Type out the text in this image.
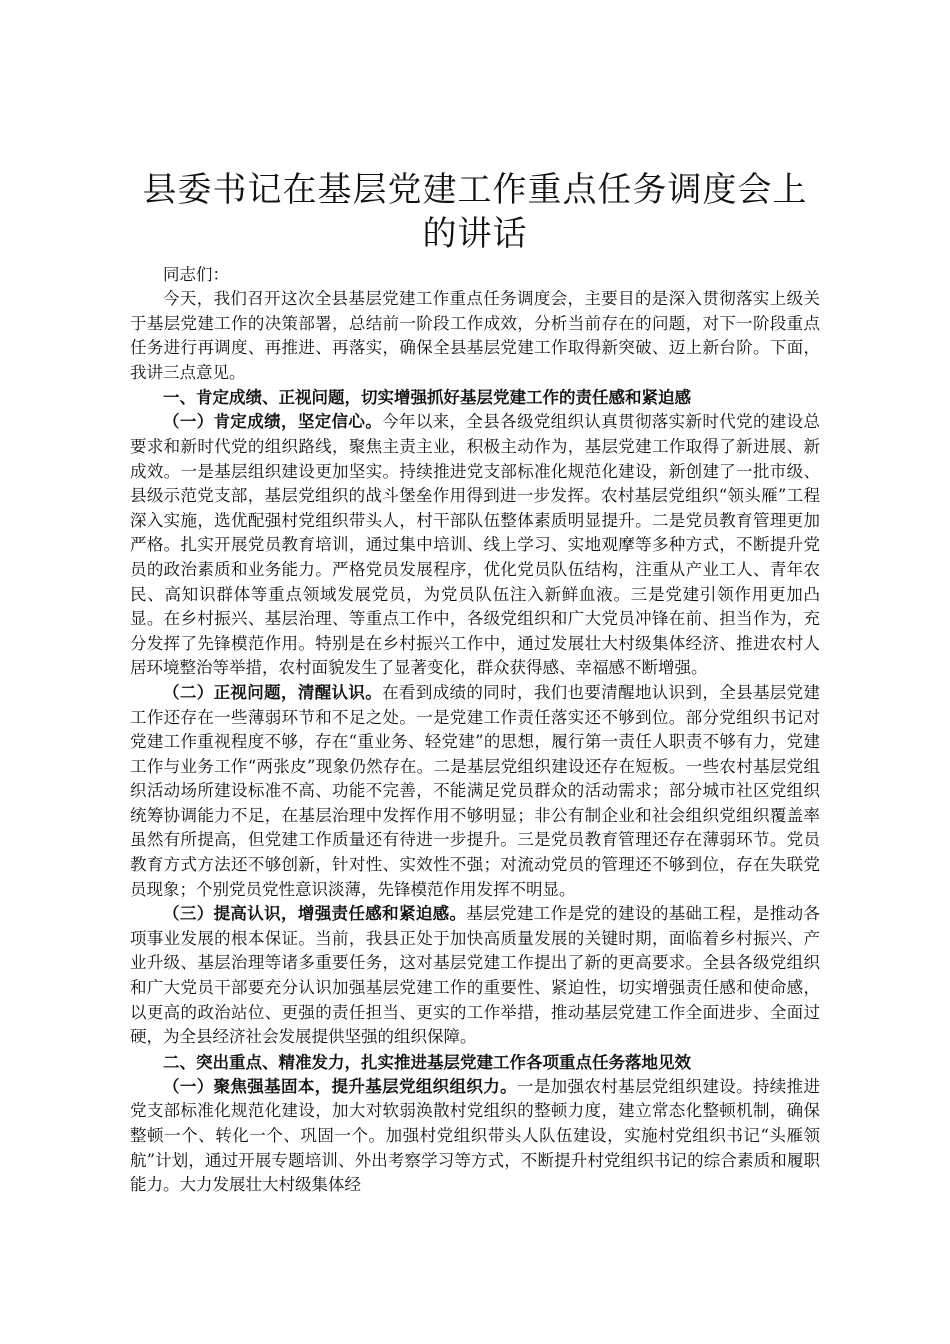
县委书记在基层党建工作重点任务调度会上的讲话

同志们：

今天，我们召开这次全县基层党建工作重点任务调度会，主要目的是深入贯彻落实上级关于基层党建工作的决策部署，总结前一阶段工作成效，分析当前存在的问题，对下一阶段重点任务进行再调度、再推进、再落实，确保全县基层党建工作取得新突破、迈上新台阶。下面，我讲三点意见。

一、肯定成绩、正视问题，切实增强抓好基层党建工作的责任感和紧迫感

（一）肯定成绩，坚定信心。今年以来，全县各级党组织认真贯彻落实新时代党的建设总要求和新时代党的组织路线，聚焦主责主业，积极主动作为，基层党建工作取得了新进展、新成效。一是基层组织建设更加坚实。持续推进党支部标准化规范化建设，新创建了一批市级、县级示范党支部，基层党组织的战斗堡垒作用得到进一步发挥。农村基层党组织“领头雁”工程深入实施，选优配强村党组织带头人，村干部队伍整体素质明显提升。二是党员教育管理更加严格。扎实开展党员教育培训，通过集中培训、线上学习、实地观摩等多种方式，不断提升党员的政治素质和业务能力。严格党员发展程序，优化党员队伍结构，注重从产业工人、青年农民、高知识群体等重点领域发展党员，为党员队伍注入新鲜血液。三是党建引领作用更加凸显。在乡村振兴、基层治理、等重点工作中，各级党组织和广大党员冲锋在前、担当作为，充分发挥了先锋模范作用。特别是在乡村振兴工作中，通过发展壮大村级集体经济、推进农村人居环境整治等举措，农村面貌发生了显著变化，群众获得感、幸福感不断增强。

（二）正视问题，清醒认识。在看到成绩的同时，我们也要清醒地认识到，全县基层党建工作还存在一些薄弱环节和不足之处。一是党建工作责任落实还不够到位。部分党组织书记对党建工作重视程度不够，存在“重业务、轻党建”的思想，履行第一责任人职责不够有力，党建工作与业务工作“两张皮”现象仍然存在。二是基层党组织建设还存在短板。一些农村基层党组织活动场所建设标准不高、功能不完善，不能满足党员群众的活动需求；部分城市社区党组织统筹协调能力不足，在基层治理中发挥作用不够明显；非公有制企业和社会组织党组织覆盖率虽然有所提高，但党建工作质量还有待进一步提升。三是党员教育管理还存在薄弱环节。党员教育方式方法还不够创新，针对性、实效性不强；对流动党员的管理还不够到位，存在失联党员现象；个别党员党性意识淡薄，先锋模范作用发挥不明显。

（三）提高认识，增强责任感和紧迫感。基层党建工作是党的建设的基础工程，是推动各项事业发展的根本保证。当前，我县正处于加快高质量发展的关键时期，面临着乡村振兴、产业升级、基层治理等诸多重要任务，这对基层党建工作提出了新的更高要求。全县各级党组织和广大党员干部要充分认识加强基层党建工作的重要性、紧迫性，切实增强责任感和使命感，以更高的政治站位、更强的责任担当、更实的工作举措，推动基层党建工作全面进步、全面过硬，为全县经济社会发展提供坚强的组织保障。

二、突出重点、精准发力，扎实推进基层党建工作各项重点任务落地见效

（一）聚焦强基固本，提升基层党组织组织力。一是加强农村基层党组织建设。持续推进党支部标准化规范化建设，加大对软弱涣散村党组织的整顿力度，建立常态化整顿机制，确保整顿一个、转化一个、巩固一个。加强村党组织带头人队伍建设，实施村党组织书记“头雁领航”计划，通过开展专题培训、外出考察学习等方式，不断提升村党组织书记的综合素质和履职能力。大力发展壮大村级集体经
